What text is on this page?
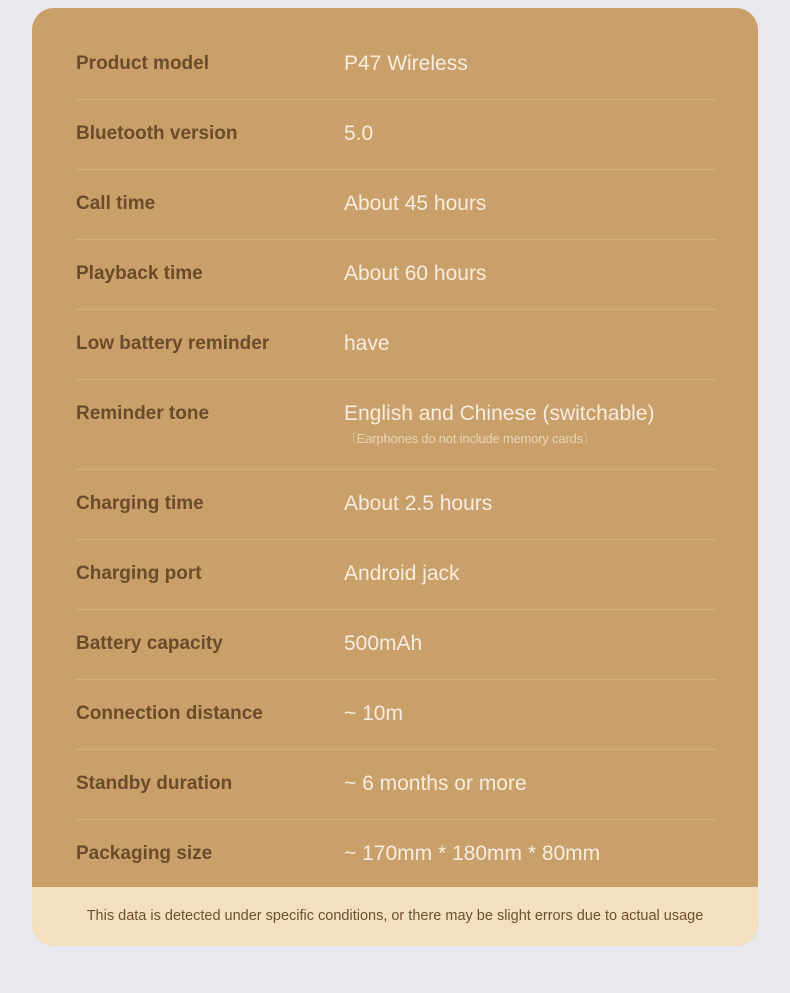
Product model	P47 Wireless
Bluetooth version	5.0
Call time	About 45 hours
Playback time	About 60 hours
Low battery reminder	have
Reminder tone	English and Chinese (switchable)
〔Earphones do not include memory cards〕
Charging time	About 2.5 hours
Charging port	Android jack
Battery capacity	500mAh
Connection distance	~ 10m
Standby duration	~ 6 months or more
Packaging size	~ 170mm * 180mm * 80mm
This data is detected under specific conditions, or there may be slight errors due to actual usage
